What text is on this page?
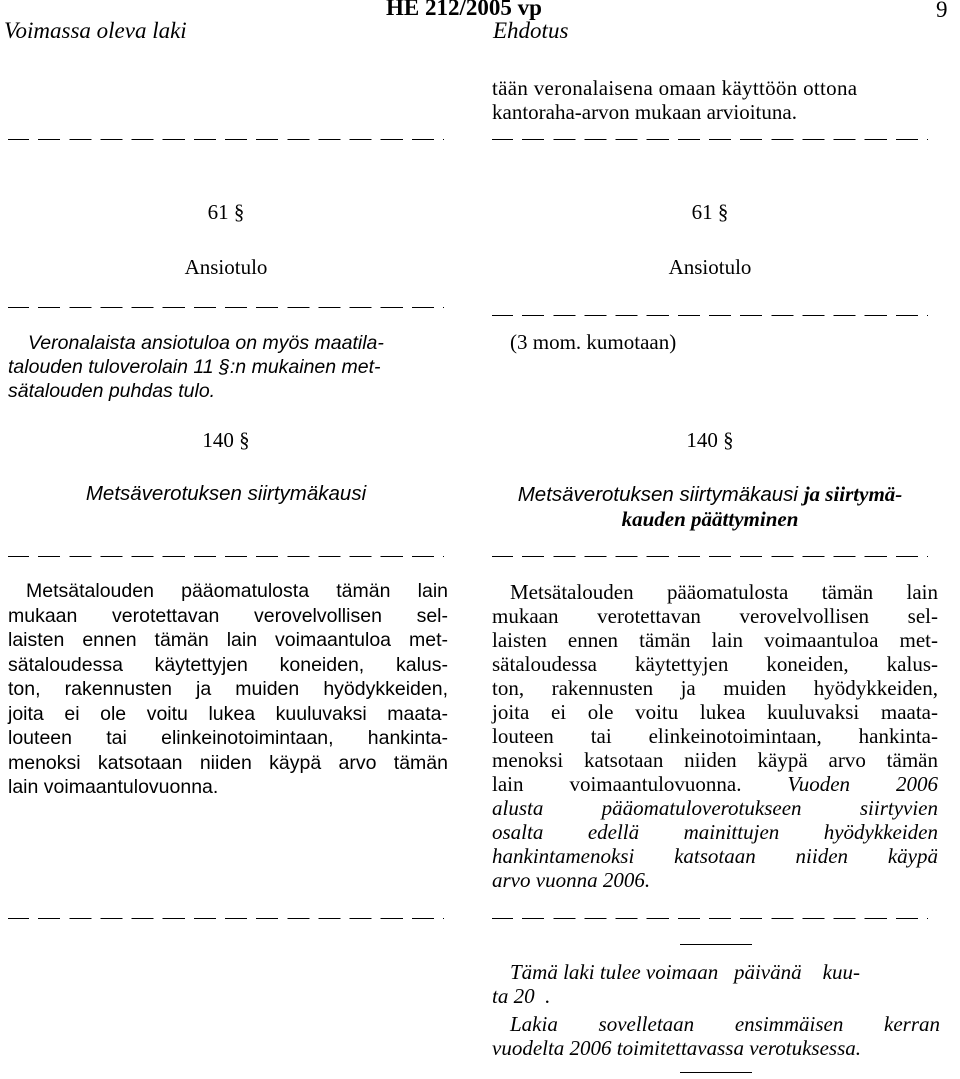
Voimassa oleva laki
HE 212/2005 vp
Ehdotus
9
tään veronalaisena omaan käyttöön ottona
kantoraha-arvon mukaan arvioituna.
61 §
Ansiotulo
61 §
Ansiotulo
Veronalaista ansiotuloa on myös maatila-
talouden tuloverolain 11 §:n mukainen met-
sätalouden puhdas tulo.
(3 mom. kumotaan)
140 §
Metsäverotuksen siirtymäkausi
140 §
Metsäverotuksen siirtymäkausi ja siirtymä-
kauden päättyminen
Metsätalouden pääomatulosta tämän lain
mukaan verotettavan verovelvollisen sel-
laisten ennen tämän lain voimaantuloa met-
sätaloudessa käytettyjen koneiden, kalus-
ton, rakennusten ja muiden hyödykkeiden,
joita ei ole voitu lukea kuuluvaksi maata-
louteen tai elinkeinotoimintaan, hankinta-
menoksi katsotaan niiden käypä arvo tämän
lain voimaantulovuonna.
Metsätalouden pääomatulosta tämän lain
mukaan verotettavan verovelvollisen sel-
laisten ennen tämän lain voimaantuloa met-
sätaloudessa käytettyjen koneiden, kalus-
ton, rakennusten ja muiden hyödykkeiden,
joita ei ole voitu lukea kuuluvaksi maata-
louteen tai elinkeinotoimintaan, hankinta-
menoksi katsotaan niiden käypä arvo tämän
lain voimaantulovuonna. Vuoden 2006
alusta pääomatuloverotukseen siirtyvien
osalta edellä mainittujen hyödykkeiden
hankintamenoksi katsotaan niiden käypä
arvo vuonna 2006.
Tämä laki tulee voimaan   päivänä    kuu-
ta 20  .
Lakia sovelletaan ensimmäisen kerran
vuodelta 2006 toimitettavassa verotuksessa.
